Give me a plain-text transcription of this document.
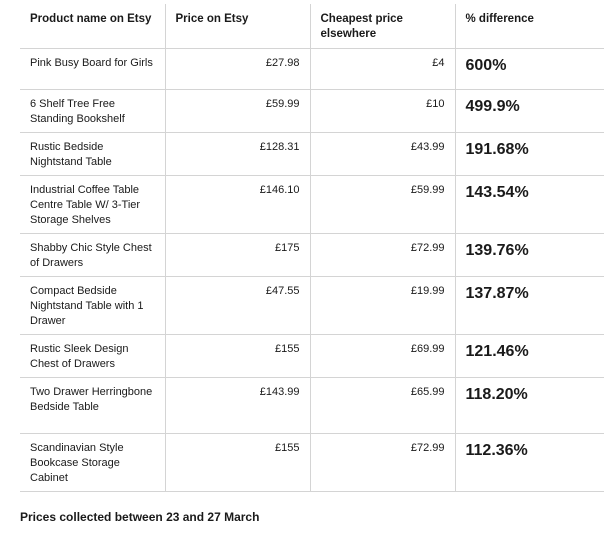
Product name on Etsy	Price on Etsy	Cheapest price elsewhere	% difference
Pink Busy Board for Girls	£27.98	£4	600%
6 Shelf Tree Free Standing Bookshelf	£59.99	£10	499.9%
Rustic Bedside Nightstand Table	£128.31	£43.99	191.68%
Industrial Coffee Table Centre Table W/ 3-Tier Storage Shelves	£146.10	£59.99	143.54%
Shabby Chic Style Chest of Drawers	£175	£72.99	139.76%
Compact Bedside Nightstand Table with 1 Drawer	£47.55	£19.99	137.87%
Rustic Sleek Design Chest of Drawers	£155	£69.99	121.46%
Two Drawer Herringbone Bedside Table	£143.99	£65.99	118.20%
Scandinavian Style Bookcase Storage Cabinet	£155	£72.99	112.36%
Prices collected between 23 and 27 March
